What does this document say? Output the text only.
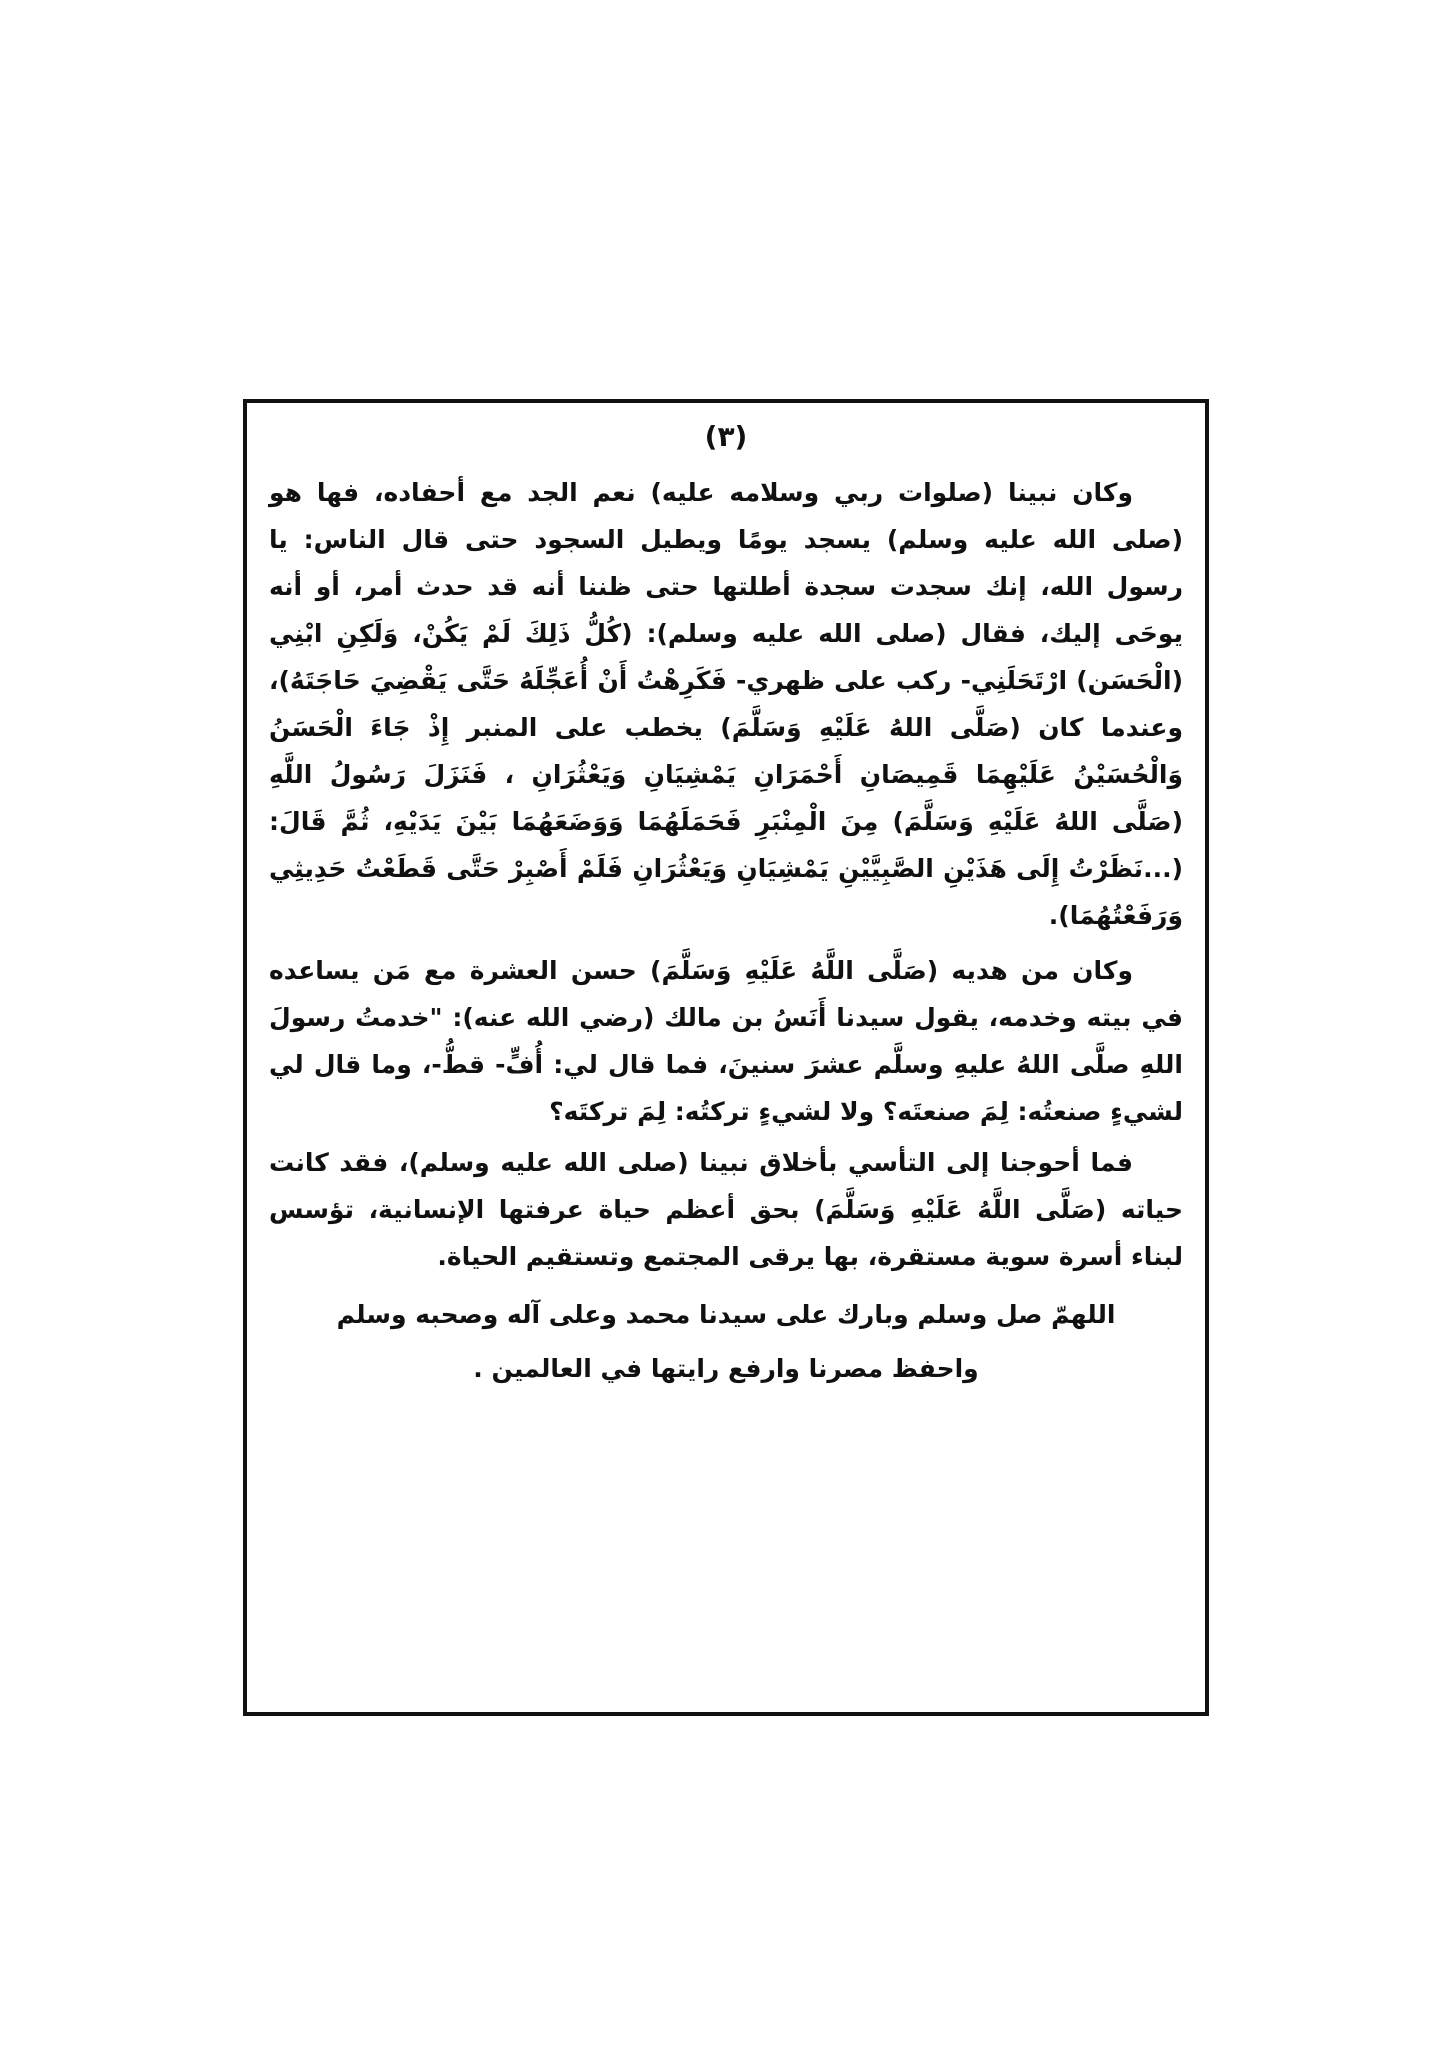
(٣)

وكان نبينا (صلوات ربي وسلامه عليه) نعم الجد مع أحفاده، فها هو (صلى الله عليه وسلم) يسجد يومًا ويطيل السجود حتى قال الناس: يا رسول الله، إنك سجدت سجدة أطلتها حتى ظننا أنه قد حدث أمر، أو أنه يوحَى إليك، فقال (صلى الله عليه وسلم): (كُلُّ ذَلِكَ لَمْ يَكُنْ، وَلَكِنِ ابْنِي (الْحَسَن) ارْتَحَلَنِي- ركب على ظهري- فَكَرِهْتُ أَنْ أُعَجِّلَهُ حَتَّى يَقْضِيَ حَاجَتَهُ)، وعندما كان (صَلَّى اللهُ عَلَيْهِ وَسَلَّمَ) يخطب على المنبر إِذْ جَاءَ الْحَسَنُ وَالْحُسَيْنُ عَلَيْهِمَا قَمِيصَانِ أَحْمَرَانِ يَمْشِيَانِ وَيَعْثُرَانِ ، فَنَزَلَ رَسُولُ اللَّهِ (صَلَّى اللهُ عَلَيْهِ وَسَلَّمَ) مِنَ الْمِنْبَرِ فَحَمَلَهُمَا وَوَضَعَهُمَا بَيْنَ يَدَيْهِ، ثُمَّ قَالَ: (...نَظَرْتُ إِلَى هَذَيْنِ الصَّبِيَّيْنِ يَمْشِيَانِ وَيَعْثُرَانِ فَلَمْ أَصْبِرْ حَتَّى قَطَعْتُ حَدِيثِي وَرَفَعْتُهُمَا).

وكان من هديه (صَلَّى اللَّهُ عَلَيْهِ وَسَلَّمَ) حسن العشرة مع مَن يساعده في بيته وخدمه، يقول سيدنا أَنَسُ بن مالك (رضي الله عنه): "خدمتُ رسولَ اللهِ صلَّى اللهُ عليهِ وسلَّم عشرَ سنينَ، فما قال لي: أُفٍّ- قطُّ-، وما قال لي لشيءٍ صنعتُه: لِمَ صنعتَه؟ ولا لشيءٍ تركتُه: لِمَ تركتَه؟

فما أحوجنا إلى التأسي بأخلاق نبينا (صلى الله عليه وسلم)، فقد كانت حياته (صَلَّى اللَّهُ عَلَيْهِ وَسَلَّمَ) بحق أعظم حياة عرفتها الإنسانية، تؤسس لبناء أسرة سوية مستقرة، بها يرقى المجتمع وتستقيم الحياة.

اللهمّ صل وسلم وبارك على سيدنا محمد وعلى آله وصحبه وسلم
واحفظ مصرنا وارفع رايتها في العالمين .
